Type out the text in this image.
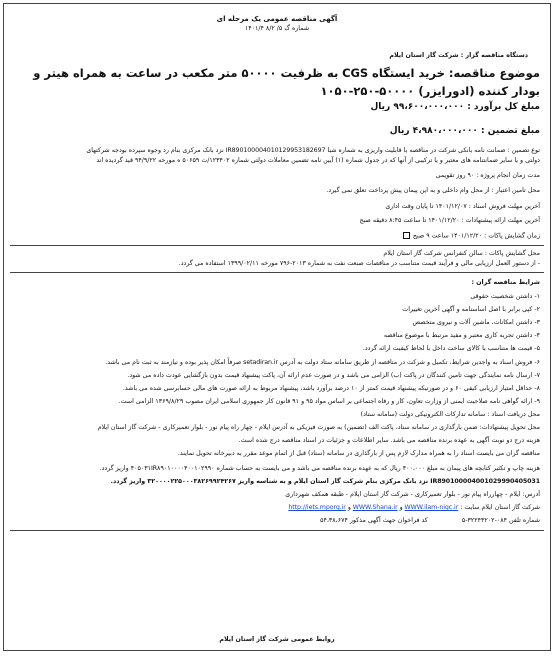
آگهی مناقصه عمومی یک مرحله ای
شماره گ ۵/ ۸/۲ ۱۴۰۱/۴
دستگاه مناقصه گزار : شرکت گاز استان ایلام
موضوع مناقصه: خرید ایستگاه CGS به ظرفیت ۵۰۰۰۰ متر مکعب در ساعت به همراه هیتر و
بودار کننده (ادورایزر) ۵۰۰۰۰-۲۵۰-۱۰۵۰
مبلغ کل برآورد : ۹۹،۶۰۰،۰۰۰،۰۰۰ ریال
مبلغ تضمین : ۴،۹۸۰،۰۰۰،۰۰۰ ریال
نوع تضمین : ضمانت نامه بانکی شرکت در مناقصه با قابلیت واریزی به شماره شبا IR890100004010129953182697 نزد بانک مرکزی بنام رد وجوه سپرده بودجه شرکتهای
دولتی و یا سایر ضمانتنامه های معتبر و یا ترکیبی از آنها که در جدول شماره (۱) آیین نامه تضمین معاملات دولتی شماره ۱۲۳۴۰۲/ت ۵۰۶۵۹ ه مورخه ۹۴/۹/۲۲ قید گردیده اند
مدت زمان انجام پروژه : ۹۰ روز تقویمی
محل تامین اعتبار : از محل وام داخلی و به این پیمان پیش پرداخت تعلق نمی گیرد.
آخرین مهلت فروش اسناد : ۱۴۰۱/۱۲/۰۷ تا پایان وقت اداری
آخرین مهلت ارائه پیشنهادات : ۱۴۰۱/۱۲/۲۰ تا ساعت ۸:۴۵ دقیقه صبح
زمان گشایش پاکات : ۱۴۰۱/۱۲/۲۰ ساعت ۹ صبح
محل گشایش پاکات : سالن کنفرانس شرکت گاز استان ایلام
- از دستور العمل ارزیابی مالی و فرآیند قیمت متناسب در مناقصات صنعت نفت به شماره ۲۰۱۳-۷۹۶ مورخه ۱۳۹۹/۰۲/۱۱ استفاده می گردد.
شرایط مناقصه گران :
۱- داشتن شخصیت حقوقی
۲- کپی برابر با اصل اساسنامه و آگهی آخرین تغییرات
۳- داشتن امکانات، ماشین آلات و نیروی متخصص
۴- داشتن تجربه کاری معتبر و مفید مرتبط با موضوع مناقصه
۵- قیمت ها متناسب با کالای ساخت داخل با لحاظ کیفیت ارائه گردد.
۶- فروش اسناد به واجدین شرایط، تکمیل و شرکت در مناقصه از طریق سامانه ستاد دولت به آدرس setadiran.ir صرفاً امکان پذیر بوده و نیازمند به ثبت نام می باشد.
۷- ارسال نامه نمایندگی جهت تامین کنندگان در پاکت (ب) الزامی می باشد و در صورت عدم ارائه آن، پاکت پیشنهاد قیمت بدون بازگشایی عودت داده می شود.
۸- حداقل امتیاز ارزیابی کیفی ۶۰ و در صورتیکه پیشنهاد قیمت کمتر از ۱۰ درصد برآورد باشد، پیشنهاد مربوط به ارائه صورت های مالی حسابرسی شده می باشد.
۹- ارائه گواهی نامه صلاحیت ایمنی از وزارت تعاون، کار و رفاه اجتماعی بر اساس مواد ۹۵ و ۹۱ قانون کار جمهوری اسلامی ایران مصوب ۱۳۶۹/۸/۲۹ الزامی است.
محل دریافت اسناد : سامانه تدارکات الکترونیکی دولت (سامانه ستاد)
محل تحویل پیشنهادات: ضمن بارگذاری در سامانه ستاد، پاکت الف (تضمین) به صورت فیزیکی به آدرس ایلام - چهار راه پیام نور - بلوار تعمیرکاری - شرکت گاز استان ایلام
هزینه درج دو نوبت آگهی به عهده برنده مناقصه می باشد. سایر اطلاعات و جزئیات در اسناد مناقصه درج شده است.
مناقصه گران می بایست اسناد را به همراه مدارک لازم پس از بارگذاری در سامانه (ستاد) قبل از اتمام موعد مقرر به دبیرخانه تحویل نمایند.
هزینه چاپ و تکثیر کتابچه های پیمان به مبلغ ۴۰۰،۰۰۰ ریال که به عهده برنده مناقصه می باشد و می بایست به حساب شماره ۴۰۵۰۳۱IR۸۹۰۱۰۰۰۰۴۰۰۱۰۲۹۹۰ واریز گردد.
IR890100004001029990405031 نزد بانک مرکزی بنام شرکت گاز استان ایلام و به شناسه واریز ۳۲۰۰۰۰۲۲۵۰۰۰۳۸۲۶۹۹۲۴۲۶۷ واریز گردد.
آدرس: ایلام - چهارراه پیام نور - بلوار تعمیرکاری - شرکت گاز استان ایلام - طبقه همکف شهرداری
شرکت گاز استان ایلام سایت : WWW.ilam-nigc.ir و WWW.Shana.ir و http://iets.mporg.ir
شماره تلفن ۰۸۴-۳۲۲۴۳۲۰۲-۵  کد فراخوان جهت آگهی مذکور ۵۴،۳۸،۶۷۴
روابط عمومی شرکت گاز استان ایلام
